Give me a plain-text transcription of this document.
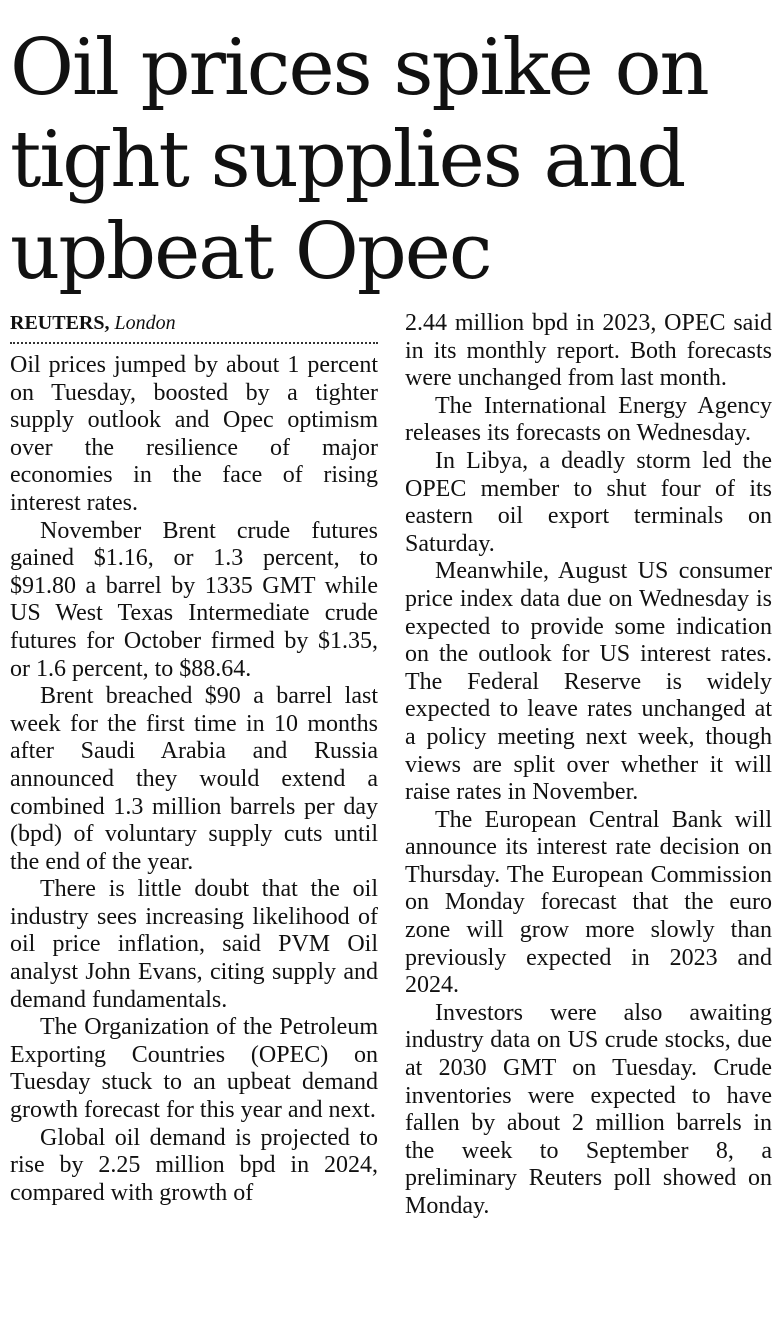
Oil prices spike on tight supplies and upbeat Opec
REUTERS, London

Oil prices jumped by about 1 percent on Tuesday, boosted by a tighter supply outlook and Opec optimism over the resilience of major economies in the face of rising interest rates.

November Brent crude futures gained $1.16, or 1.3 percent, to $91.80 a barrel by 1335 GMT while US West Texas Intermediate crude futures for October firmed by $1.35, or 1.6 percent, to $88.64.

Brent breached $90 a barrel last week for the first time in 10 months after Saudi Arabia and Russia announced they would extend a combined 1.3 million barrels per day (bpd) of voluntary supply cuts until the end of the year.

There is little doubt that the oil industry sees increasing likelihood of oil price inflation, said PVM Oil analyst John Evans, citing supply and demand fundamentals.

The Organization of the Petroleum Exporting Countries (OPEC) on Tuesday stuck to an upbeat demand growth forecast for this year and next.

Global oil demand is projected to rise by 2.25 million bpd in 2024, compared with growth of

2.44 million bpd in 2023, OPEC said in its monthly report. Both forecasts were unchanged from last month.

The International Energy Agency releases its forecasts on Wednesday.

In Libya, a deadly storm led the OPEC member to shut four of its eastern oil export terminals on Saturday.

Meanwhile, August US consumer price index data due on Wednesday is expected to provide some indication on the outlook for US interest rates. The Federal Reserve is widely expected to leave rates unchanged at a policy meeting next week, though views are split over whether it will raise rates in November.

The European Central Bank will announce its interest rate decision on Thursday. The European Commission on Monday forecast that the euro zone will grow more slowly than previously expected in 2023 and 2024.

Investors were also awaiting industry data on US crude stocks, due at 2030 GMT on Tuesday. Crude inventories were expected to have fallen by about 2 million barrels in the week to September 8, a preliminary Reuters poll showed on Monday.
